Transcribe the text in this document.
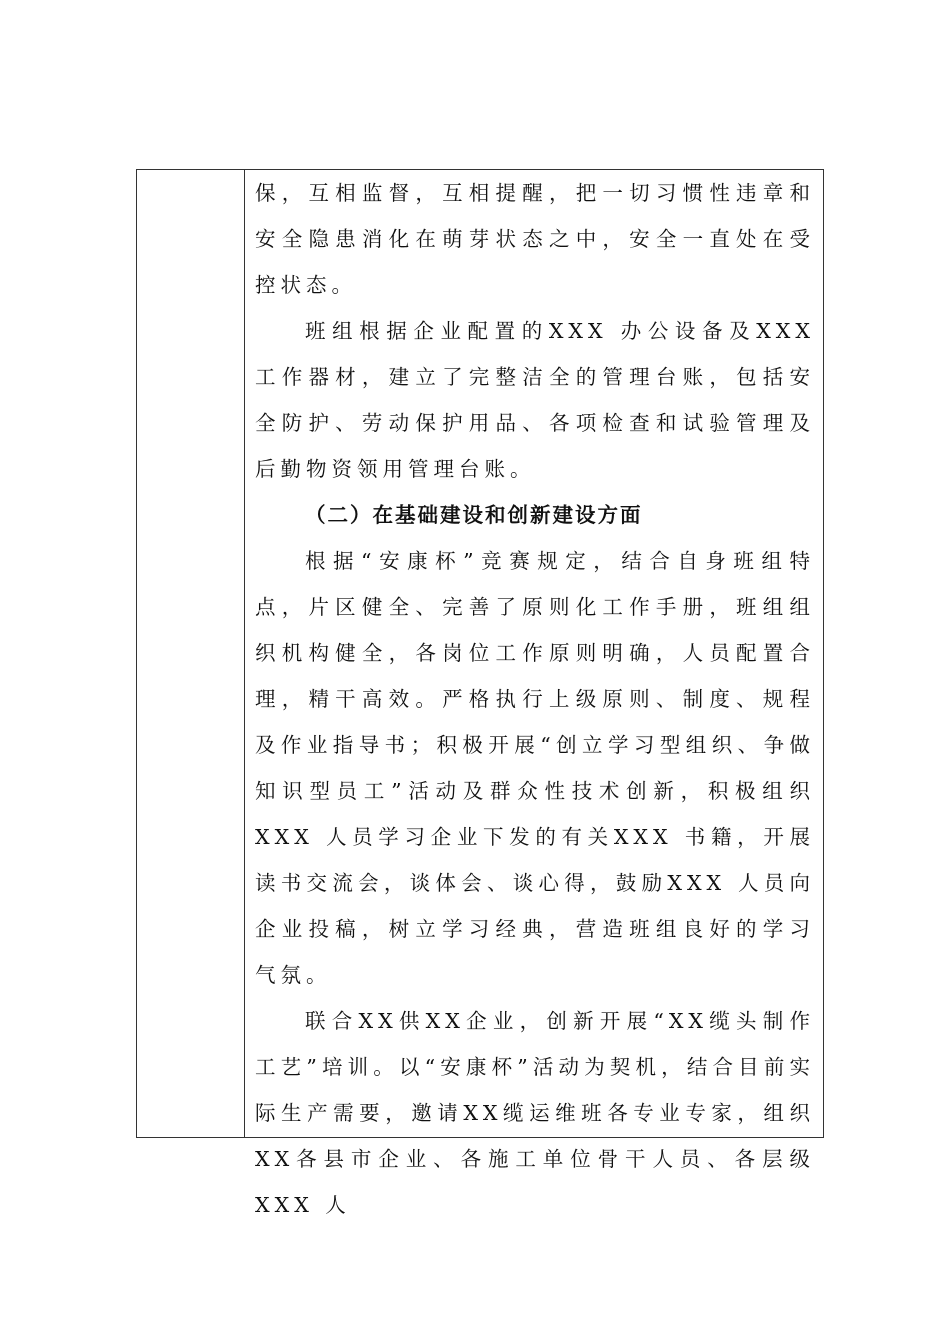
保，互相监督，互相提醒，把一切习惯性违章和安全隐患消化在萌芽状态之中，安全一直处在受控状态。

班组根据企业配置的XXX 办公设备及XXX 工作器材，建立了完整洁全的管理台账，包括安全防护、劳动保护用品、各项检查和试验管理及后勤物资领用管理台账。

（二）在基础建设和创新建设方面

根据“安康杯”竞赛规定，结合自身班组特点，片区健全、完善了原则化工作手册，班组组织机构健全，各岗位工作原则明确，人员配置合理，精干高效。严格执行上级原则、制度、规程及作业指导书；积极开展“创立学习型组织、争做知识型员工”活动及群众性技术创新，积极组织XXX 人员学习企业下发的有关XXX 书籍，开展读书交流会，谈体会、谈心得，鼓励XXX 人员向企业投稿，树立学习经典，营造班组良好的学习气氛。

联合XX供XX企业，创新开展“XX缆头制作工艺”培训。以“安康杯”活动为契机，结合目前实际生产需要，邀请XX缆运维班各专业专家，组织XX各县市企业、各施工单位骨干人员、各层级XXX 人
